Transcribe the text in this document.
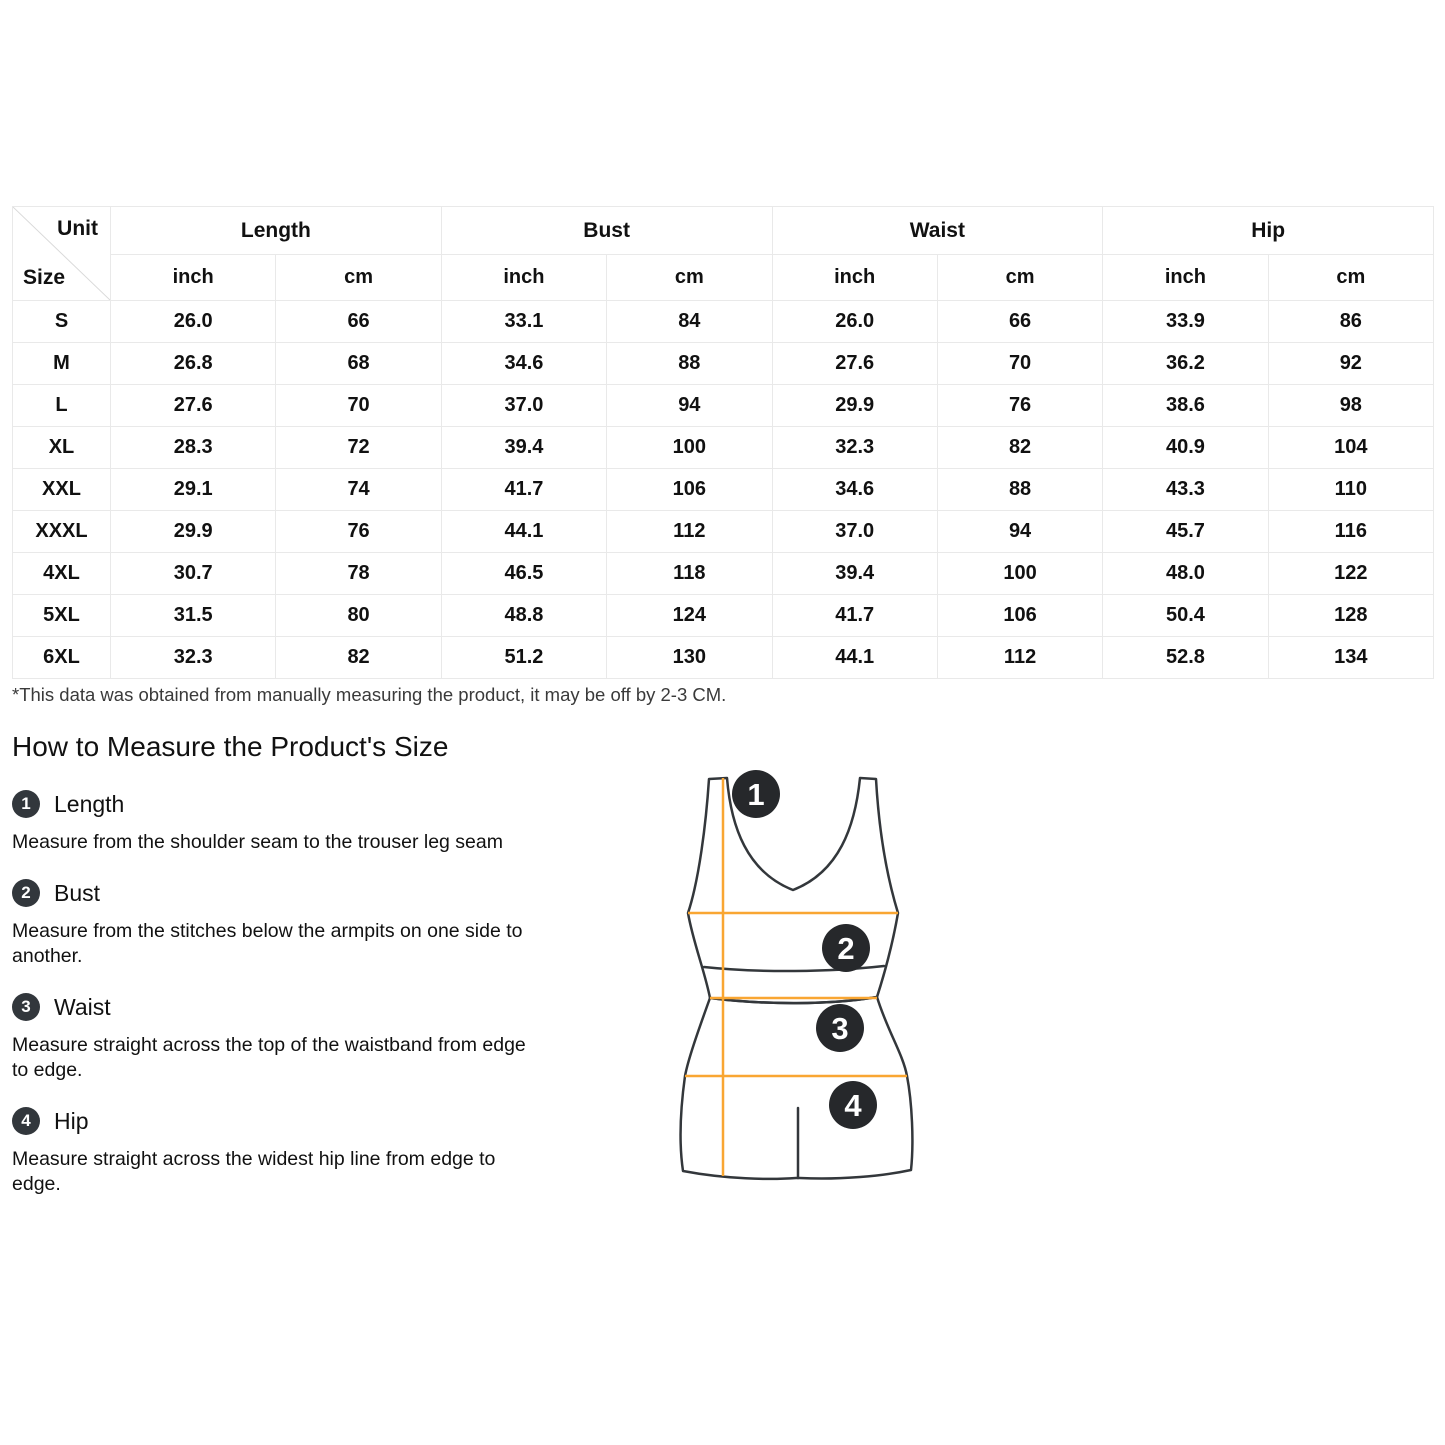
Unit
Size	Length		Bust		Waist		Hip	
	inch	cm	inch	cm	inch	cm	inch	cm
S	26.0	66	33.1	84	26.0	66	33.9	86
M	26.8	68	34.6	88	27.6	70	36.2	92
L	27.6	70	37.0	94	29.9	76	38.6	98
XL	28.3	72	39.4	100	32.3	82	40.9	104
XXL	29.1	74	41.7	106	34.6	88	43.3	110
XXXL	29.9	76	44.1	112	37.0	94	45.7	116
4XL	30.7	78	46.5	118	39.4	100	48.0	122
5XL	31.5	80	48.8	124	41.7	106	50.4	128
6XL	32.3	82	51.2	130	44.1	112	52.8	134
*This data was obtained from manually measuring the product, it may be off by 2-3 CM.
How to Measure the Product's Size
1	Length

Measure from the shoulder seam to the trouser leg seam

2	Bust

Measure from the stitches below the armpits on one side to another.

3	Waist

Measure straight across the top of the waistband from edge to edge.

4	Hip

Measure straight across the widest hip line from edge to edge.

1
2
3
4
